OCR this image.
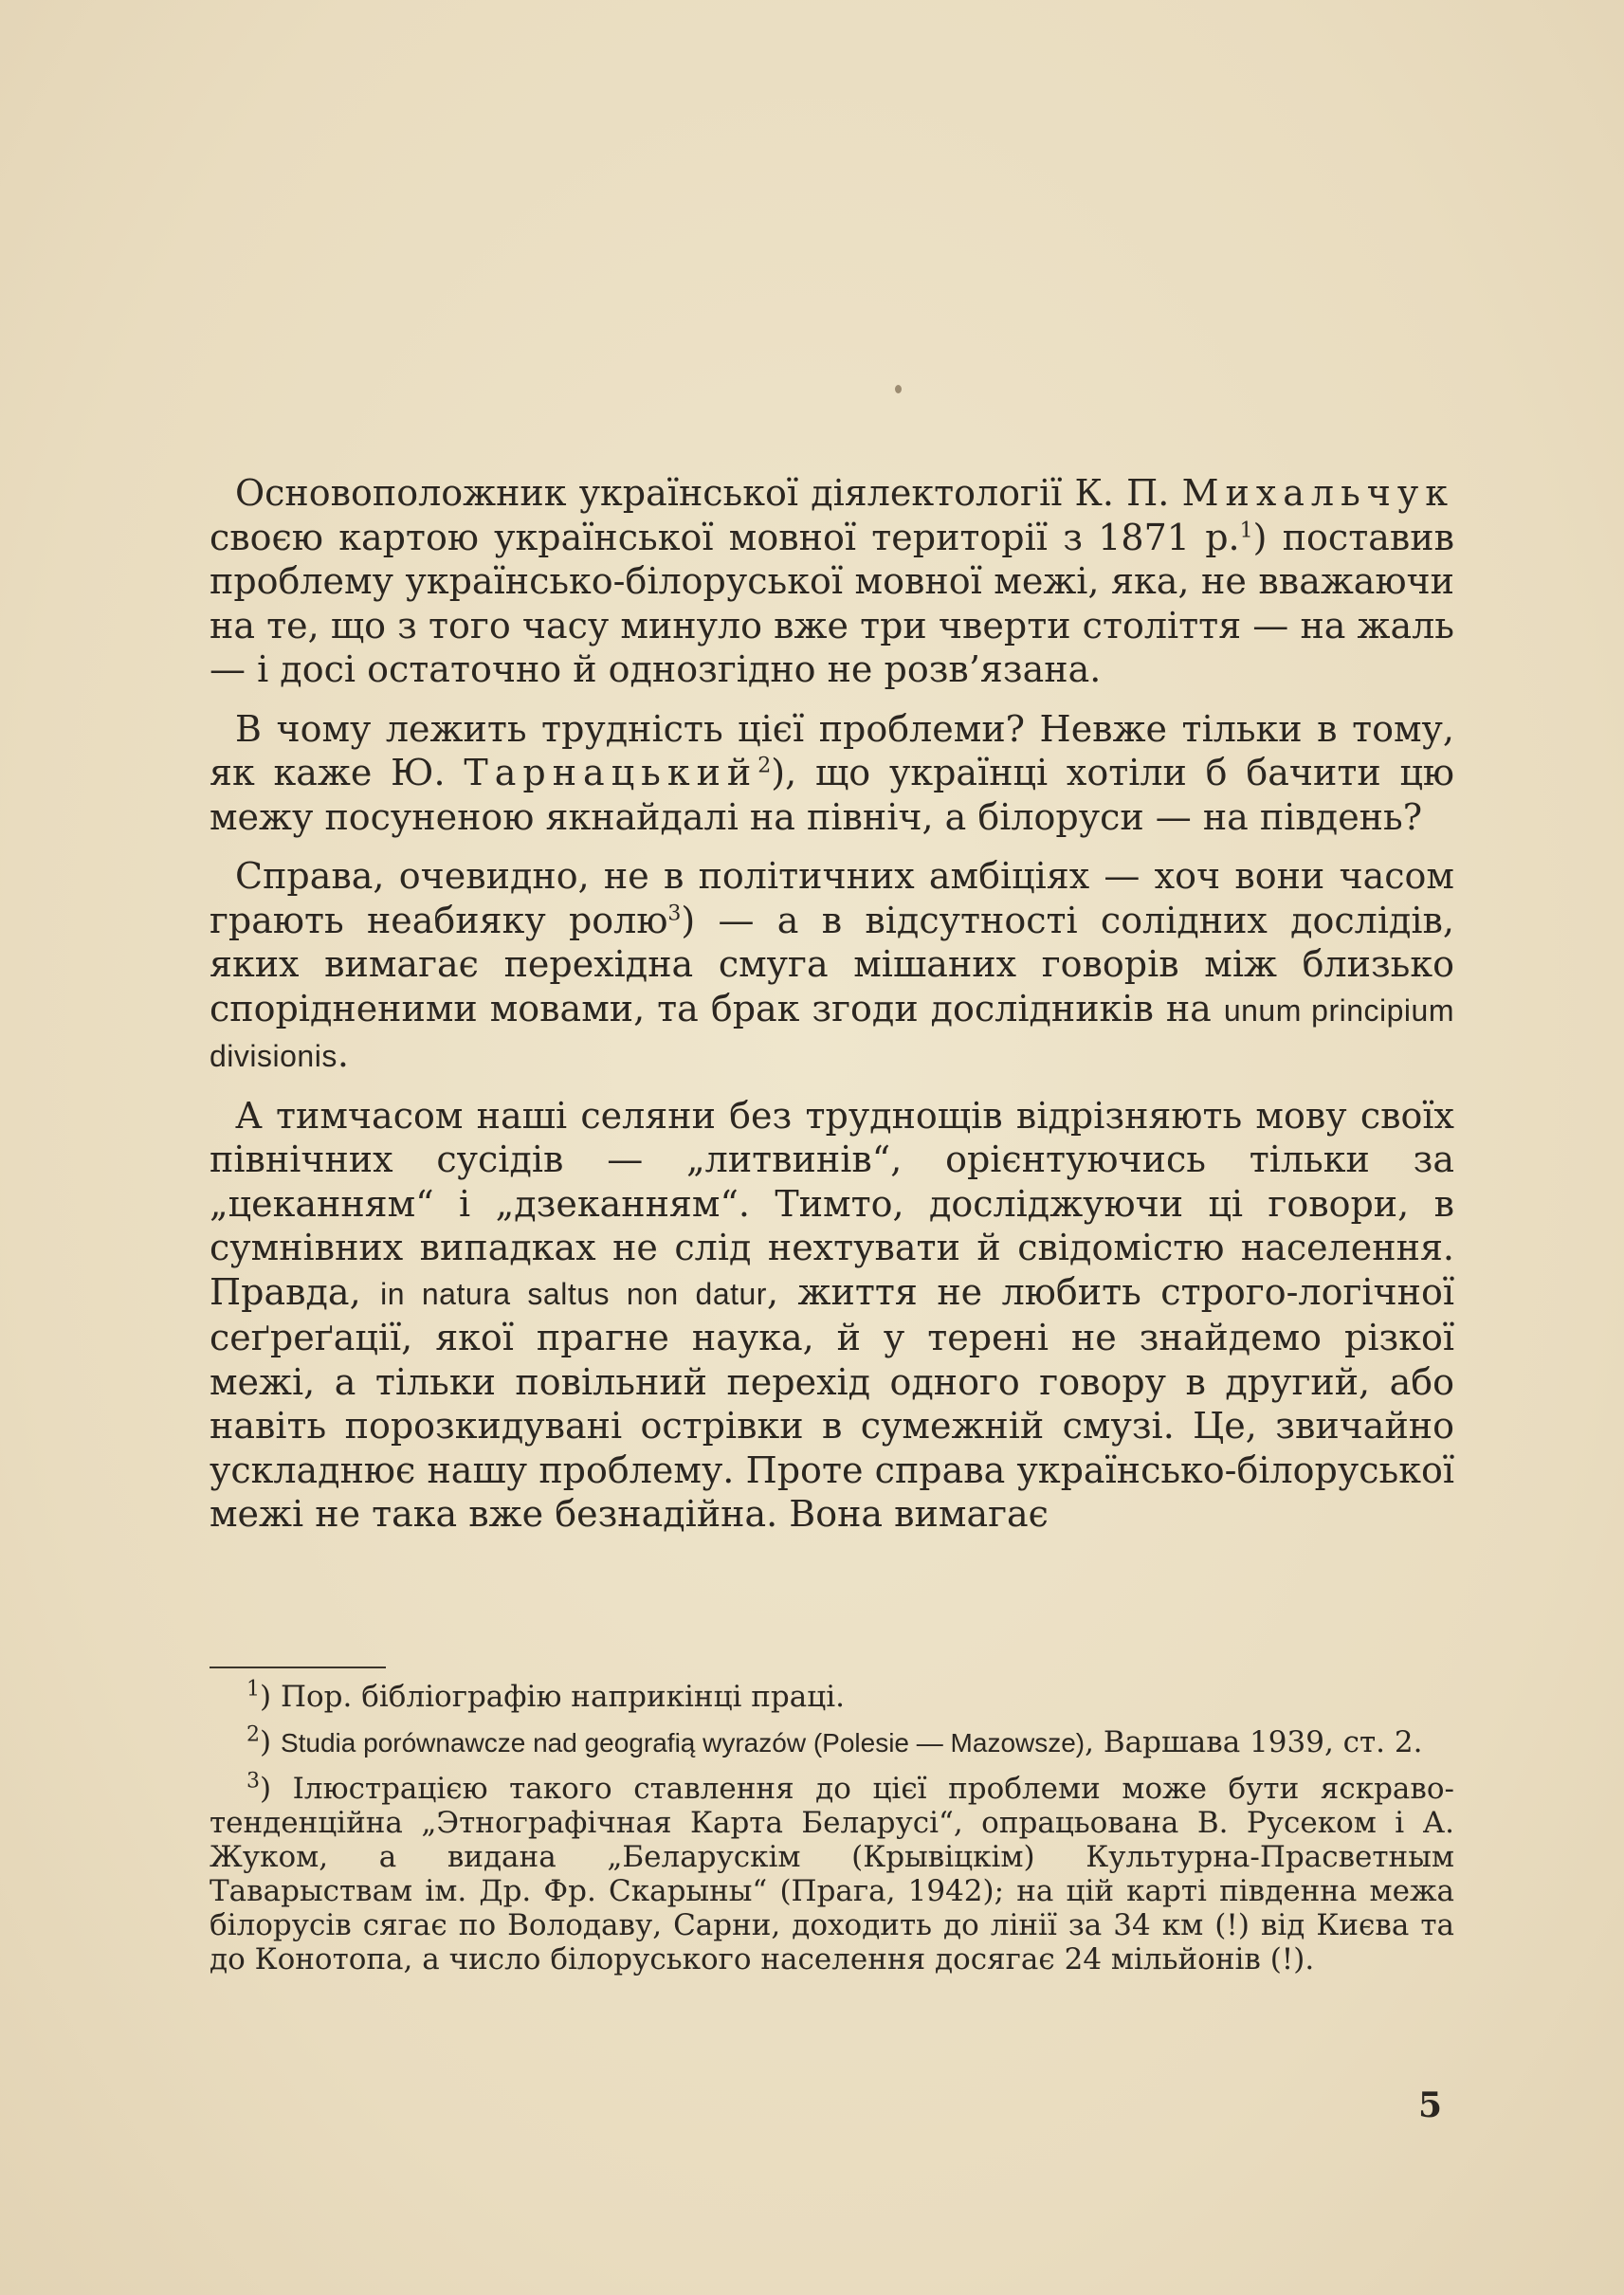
Основоположник української діялектології К. П. Михальчук своєю картою української мовної території з 1871 р.$^1$) поставив проблему українсько-білоруської мовної межі, яка, не вважаючи на те, що з того часу минуло вже три чверти століття — на жаль — і досі остаточно й однозгідно не розв’язана.

В чому лежить трудність цієї проблеми? Невже тільки в тому, як каже Ю. Тарнацький$^2$), що українці хотіли б бачити цю межу посуненою якнайдалі на північ, а білоруси — на південь?

Справа, очевидно, не в політичних амбіціях — хоч вони часом грають неабияку ролю$^3$) — а в відсутності солідних дослідів, яких вимагає перехідна смуга мішаних говорів між близько спорідненими мовами, та брак згоди дослідників на unum principium divisionis.

А тимчасом наші селяни без труднощів відрізняють мову своїх північних сусідів — „литвинів“, орієнтуючись тільки за „цеканням“ і „дзеканням“. Тимто, досліджуючи ці говори, в сумнівних випадках не слід нехтувати й свідомістю населення. Правда, in natura saltus non datur, життя не любить строго-логічної сеґреґації, якої прагне наука, й у терені не знайдемо різкої межі, а тільки повільний перехід одного говору в другий, або навіть порозкидувані острівки в сумежній смузі. Це, звичайно ускладнює нашу проблему. Проте справа українсько-білоруської межі не така вже безнадійна. Вона вимагає

$^1$) Пор. бібліографію наприкінці праці.

$^2$) Studia porównawcze nad geografią wyrazów (Polesie — Mazowsze), Варшава 1939, ст. 2.

$^3$) Ілюстрацією такого ставлення до цієї проблеми може бути яскраво-тенденційна „Этнографічная Карта Беларусі“, опрацьована В. Русеком і А. Жуком, а видана „Беларускім (Крывіцкім) Культурна-Прасветным Таварыствам ім. Др. Фр. Скарыны“ (Прага, 1942); на цій карті південна межа білорусів сягає по Володаву, Сарни, доходить до лінії за 34 км (!) від Києва та до Конотопа, а число білоруського населення досягає 24 мільйонів (!).

5
